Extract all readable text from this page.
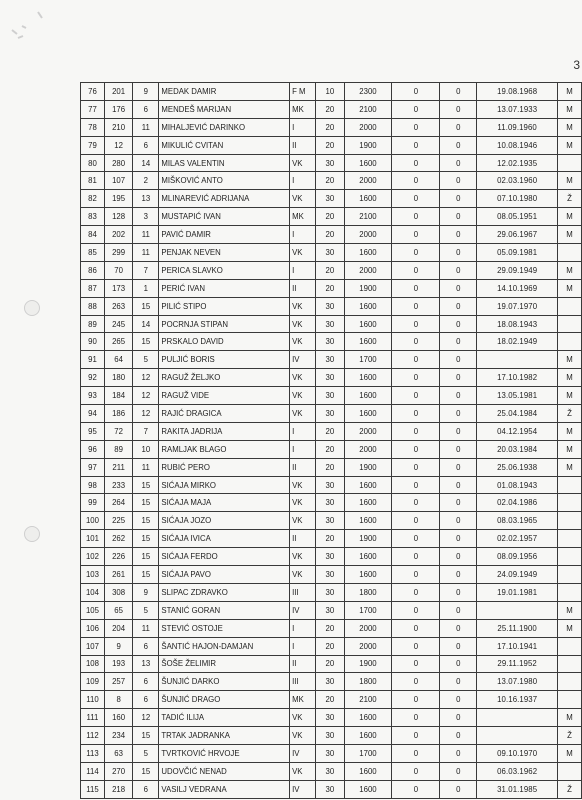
3
76	201	9	MEDAK DAMIR	F M	10	2300	0	0	19.08.1968	M
77	176	6	MENDEŠ MARIJAN	MK	20	2100	0	0	13.07.1933	M
78	210	11	MIHALJEVIĆ DARINKO	I	20	2000	0	0	11.09.1960	M
79	12	6	MIKULIĆ CVITAN	II	20	1900	0	0	10.08.1946	M
80	280	14	MILAS VALENTIN	VK	30	1600	0	0	12.02.1935	
81	107	2	MIŠKOVIĆ ANTO	I	20	2000	0	0	02.03.1960	M
82	195	13	MLINAREVIĆ ADRIJANA	VK	30	1600	0	0	07.10.1980	Ž
83	128	3	MUSTAPIĆ IVAN	MK	20	2100	0	0	08.05.1951	M
84	202	11	PAVIĆ DAMIR	I	20	2000	0	0	29.06.1967	M
85	299	11	PENJAK NEVEN	VK	30	1600	0	0	05.09.1981	
86	70	7	PERICA SLAVKO	I	20	2000	0	0	29.09.1949	M
87	173	1	PERIĆ IVAN	II	20	1900	0	0	14.10.1969	M
88	263	15	PILIĆ STIPO	VK	30	1600	0	0	19.07.1970	
89	245	14	POCRNJA STIPAN	VK	30	1600	0	0	18.08.1943	
90	265	15	PRSKALO DAVID	VK	30	1600	0	0	18.02.1949	
91	64	5	PULJIĆ BORIS	IV	30	1700	0	0		M
92	180	12	RAGUŽ ŽELJKO	VK	30	1600	0	0	17.10.1982	M
93	184	12	RAGUŽ VIDE	VK	30	1600	0	0	13.05.1981	M
94	186	12	RAJIĆ DRAGICA	VK	30	1600	0	0	25.04.1984	Ž
95	72	7	RAKITA JADRIJA	I	20	2000	0	0	04.12.1954	M
96	89	10	RAMLJAK BLAGO	I	20	2000	0	0	20.03.1984	M
97	211	11	RUBIĆ PERO	II	20	1900	0	0	25.06.1938	M
98	233	15	SIĆAJA MIRKO	VK	30	1600	0	0	01.08.1943	
99	264	15	SIĆAJA MAJA	VK	30	1600	0	0	02.04.1986	
100	225	15	SIĆAJA JOZO	VK	30	1600	0	0	08.03.1965	
101	262	15	SIĆAJA IVICA	II	20	1900	0	0	02.02.1957	
102	226	15	SIĆAJA FERDO	VK	30	1600	0	0	08.09.1956	
103	261	15	SIĆAJA PAVO	VK	30	1600	0	0	24.09.1949	
104	308	9	SLIPAC ZDRAVKO	III	30	1800	0	0	19.01.1981	
105	65	5	STANIĆ GORAN	IV	30	1700	0	0		M
106	204	11	STEVIĆ OSTOJE	I	20	2000	0	0	25.11.1900	M
107	9	6	ŠANTIĆ HAJON-DAMJAN	I	20	2000	0	0	17.10.1941	
108	193	13	ŠOŠE ŽELIMIR	II	20	1900	0	0	29.11.1952	
109	257	6	ŠUNJIĆ DARKO	III	30	1800	0	0	13.07.1980	
110	8	6	ŠUNJIĆ DRAGO	MK	20	2100	0	0	10.16.1937	
111	160	12	TADIĆ ILIJA	VK	30	1600	0	0		M
112	234	15	TRTAK JADRANKA	VK	30	1600	0	0		Ž
113	63	5	TVRTKOVIĆ HRVOJE	IV	30	1700	0	0	09.10.1970	M
114	270	15	UDOVČIĆ NENAD	VK	30	1600	0	0	06.03.1962	
115	218	6	VASILJ VEDRANA	IV	30	1600	0	0	31.01.1985	Ž
